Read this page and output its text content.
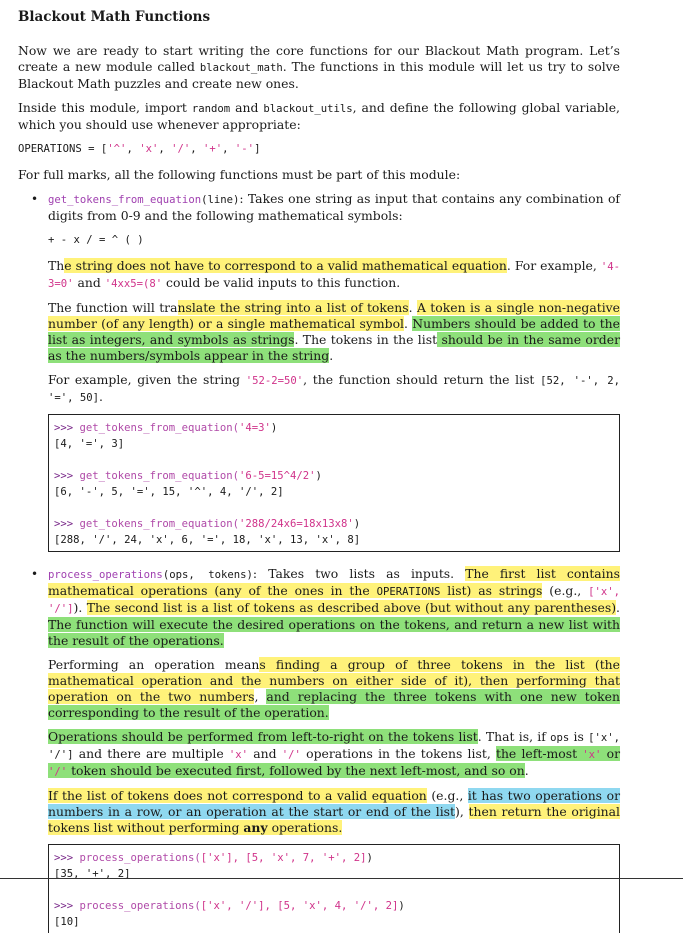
Blackout Math Functions

Now we are ready to start writing the core functions for our Blackout Math program. Let’s create a new module called blackout_math. The functions in this module will let us try to solve Blackout Math puzzles and create new ones.

Inside this module, import random and blackout_utils, and define the following global variable, which you should use whenever appropriate:

OPERATIONS = ['^', 'x', '/', '+', '-']

For full marks, all the following functions must be part of this module:

• get_tokens_from_equation(line): Takes one string as input that contains any combination of digits from 0-9 and the following mathematical symbols:

+ - x / = ^ ( )

The string does not have to correspond to a valid mathematical equation. For example, '4-3=0' and '4xx5=(8' could be valid inputs to this function.

The function will translate the string into a list of tokens. A token is a single non-negative number (of any length) or a single mathematical symbol. Numbers should be added to the list as integers, and symbols as strings. The tokens in the list should be in the same order as the numbers/symbols appear in the string.

For example, given the string '52-2=50', the function should return the list [52, '-', 2, '=', 50].

>>> get_tokens_from_equation('4=3')
[4, '=', 3]
>>> get_tokens_from_equation('6-5=15^4/2')
[6, '-', 5, '=', 15, '^', 4, '/', 2]
>>> get_tokens_from_equation('288/24x6=18x13x8')
[288, '/', 24, 'x', 6, '=', 18, 'x', 13, 'x', 8]
• process_operations(ops, tokens): Takes two lists as inputs. The first list contains mathematical operations (any of the ones in the OPERATIONS list) as strings (e.g., ['x', '/']). The second list is a list of tokens as described above (but without any parentheses). The function will execute the desired operations on the tokens, and return a new list with the result of the operations.

Performing an operation means finding a group of three tokens in the list (the mathematical operation and the numbers on either side of it), then performing that operation on the two numbers, and replacing the three tokens with one new token corresponding to the result of the operation.

Operations should be performed from left-to-right on the tokens list. That is, if ops is ['x', '/'] and there are multiple 'x' and '/' operations in the tokens list, the left-most 'x' or '/' token should be executed first, followed by the next left-most, and so on.

If the list of tokens does not correspond to a valid equation (e.g., it has two operations or numbers in a row, or an operation at the start or end of the list), then return the original tokens list without performing any operations.

>>> process_operations(['x'], [5, 'x', 7, '+', 2])
[35, '+', 2]
>>> process_operations(['x', '/'], [5, 'x', 4, '/', 2])
[10]
